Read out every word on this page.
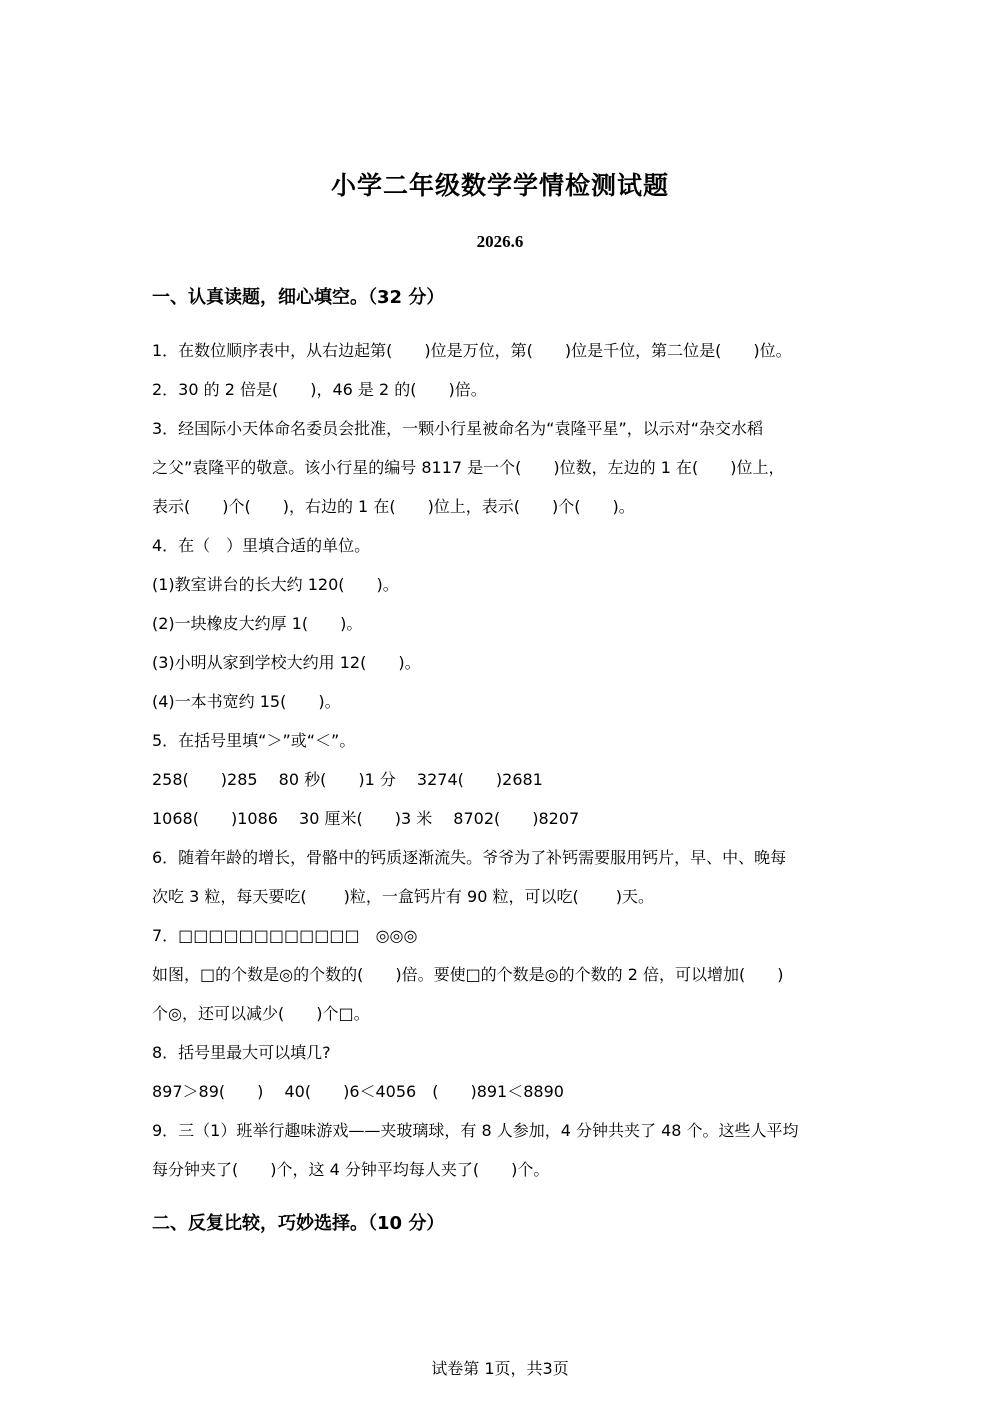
小学二年级数学学情检测试题
2026.6
一、认真读题，细心填空。（32 分）
1．在数位顺序表中，从右边起第(　　)位是万位，第(　　)位是千位，第二位是(　　)位。
2．30 的 2 倍是(　　)，46 是 2 的(　　)倍。
3．经国际小天体命名委员会批准，一颗小行星被命名为“袁隆平星”，以示对“杂交水稻
之父”袁隆平的敬意。该小行星的编号 8117 是一个(　　)位数，左边的 1 在(　　)位上，
表示(　　)个(　　)，右边的 1 在(　　)位上，表示(　　)个(　　)。
4．在（　）里填合适的单位。
(1)教室讲台的长大约 120(　　)。
(2)一块橡皮大约厚 1(　　)。
(3)小明从家到学校大约用 12(　　)。
(4)一本书宽约 15(　　)。
5．在括号里填“＞”或“＜”。
258(　　)285　 80 秒(　　)1 分　 3274(　　)2681
1068(　　)1086　 30 厘米(　　)3 米　 8702(　　)8207
6．随着年龄的增长，骨骼中的钙质逐渐流失。爷爷为了补钙需要服用钙片，早、中、晚每
次吃 3 粒，每天要吃(　　 )粒，一盒钙片有 90 粒，可以吃(　　 )天。
7．□□□□□□□□□□□□　◎◎◎
如图，□的个数是◎的个数的(　　)倍。要使□的个数是◎的个数的 2 倍，可以增加(　　)
个◎，还可以减少(　　)个□。
8．括号里最大可以填几?
897＞89(　　)　 40(　　)6＜4056　(　　)891＜8890
9．三（1）班举行趣味游戏——夹玻璃球，有 8 人参加，4 分钟共夹了 48 个。这些人平均
每分钟夹了(　　)个，这 4 分钟平均每人夹了(　　)个。
二、反复比较，巧妙选择。（10 分）
试卷第 1页，共3页
